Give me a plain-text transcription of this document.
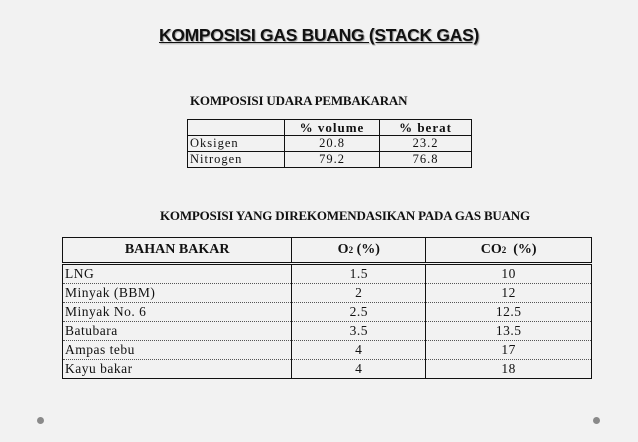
KOMPOSISI GAS BUANG (STACK GAS)
KOMPOSISI UDARA PEMBAKARAN
	% volume	% berat
Oksigen	20.8	23.2
Nitrogen	79.2	76.8
KOMPOSISI YANG DIREKOMENDASIKAN PADA GAS BUANG
BAHAN BAKAR	O2 (%)	CO2  (%)
LNG	1.5	10
Minyak (BBM)	2	12
Minyak No. 6	2.5	12.5
Batubara	3.5	13.5
Ampas tebu	4	17
Kayu bakar	4	18
